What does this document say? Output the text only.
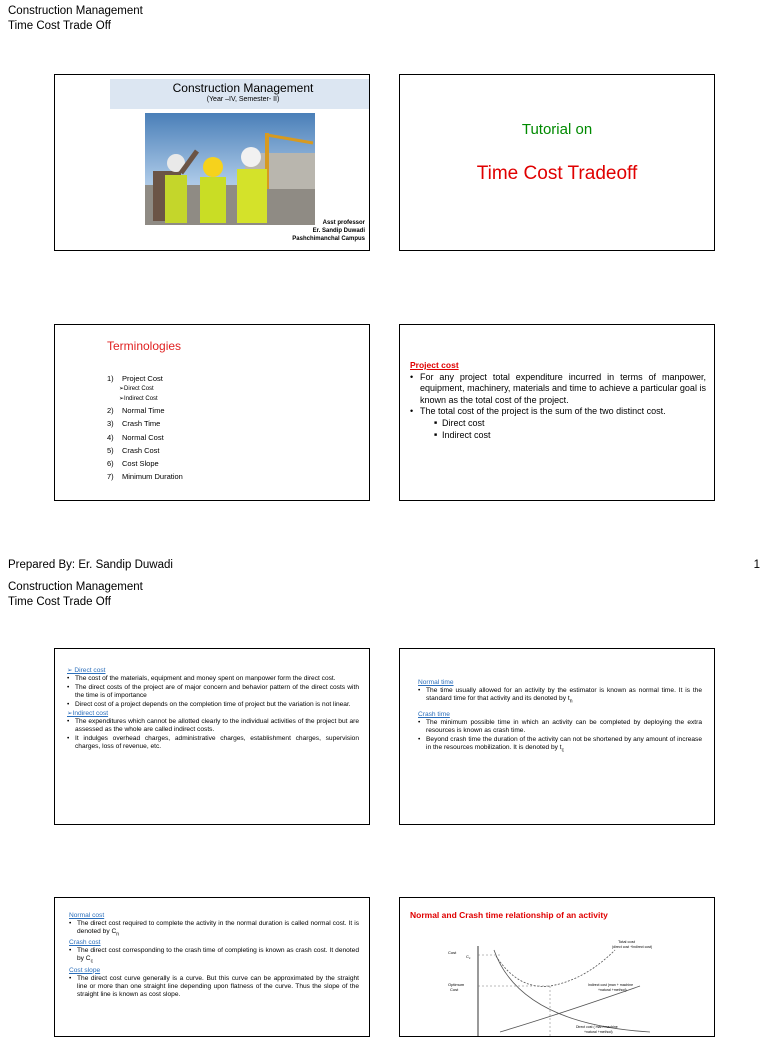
Construction Management
Time Cost Trade Off
Construction Management
(Year –IV, Semester- II)
Asst professor
Er. Sandip Duwadi
Pashchimanchal Campus
Tutorial on
Time Cost Tradeoff
Terminologies
1) Project Cost
➢Direct Cost
➢Indirect Cost
2) Normal Time
3) Crash Time
4) Normal Cost
5) Crash Cost
6) Cost Slope
7) Minimum Duration
Project cost
• For any project total expenditure incurred in terms of manpower, equipment, machinery, materials and time to achieve a particular goal is known as the total cost of the project.
• The total cost of the project is the sum of the two distinct cost.
■ Direct cost
■ Indirect cost
Prepared By: Er. Sandip Duwadi	1
Construction Management
Time Cost Trade Off
➢ Direct cost
• The cost of the materials, equipment and money spent on manpower form the direct cost.
• The direct costs of the project are of major concern and behavior pattern of the direct costs with the time is of importance
• Direct cost of a project depends on the completion time of project but the variation is not linear.
➢Indirect cost
• The expenditures which cannot be allotted clearly to the individual activities of the project but are assessed as the whole are called indirect costs.
• It indulges overhead charges, administrative charges, establishment charges, supervision charges, loss of revenue, etc.
Normal time
• The time usually allowed for an activity by the estimator is known as normal time. It is the standard time for that activity and its denoted by $t_n$
Crash time
• The minimum possible time in which an activity can be completed by deploying the extra resources is known as crash time.
• Beyond crash time the duration of the activity can not be shortened by any amount of increase in the resources mobilization. It is denoted by $t_c$
Normal cost
• The direct cost required to complete the activity in the normal duration is called normal cost. It is denoted by $C_n$
Crash cost
• The direct cost corresponding to the crash time of completing is known as crash cost. It denoted by $C_c$
Cost slope
• The direct cost curve generally is a curve. But this curve can be approximated by the straight line or more than one straight line depending upon flatness of the curve. Thus the slope of the straight line is known as cost slope.
Normal and Crash time relationship of an activity
Cost
$C_c$
Optimum
Cost
Total cost
(direct cost +Indirect cost)
Indirect cost (man + machine
+natural +method)
Direct cost ( man+machine
+natural +method)
